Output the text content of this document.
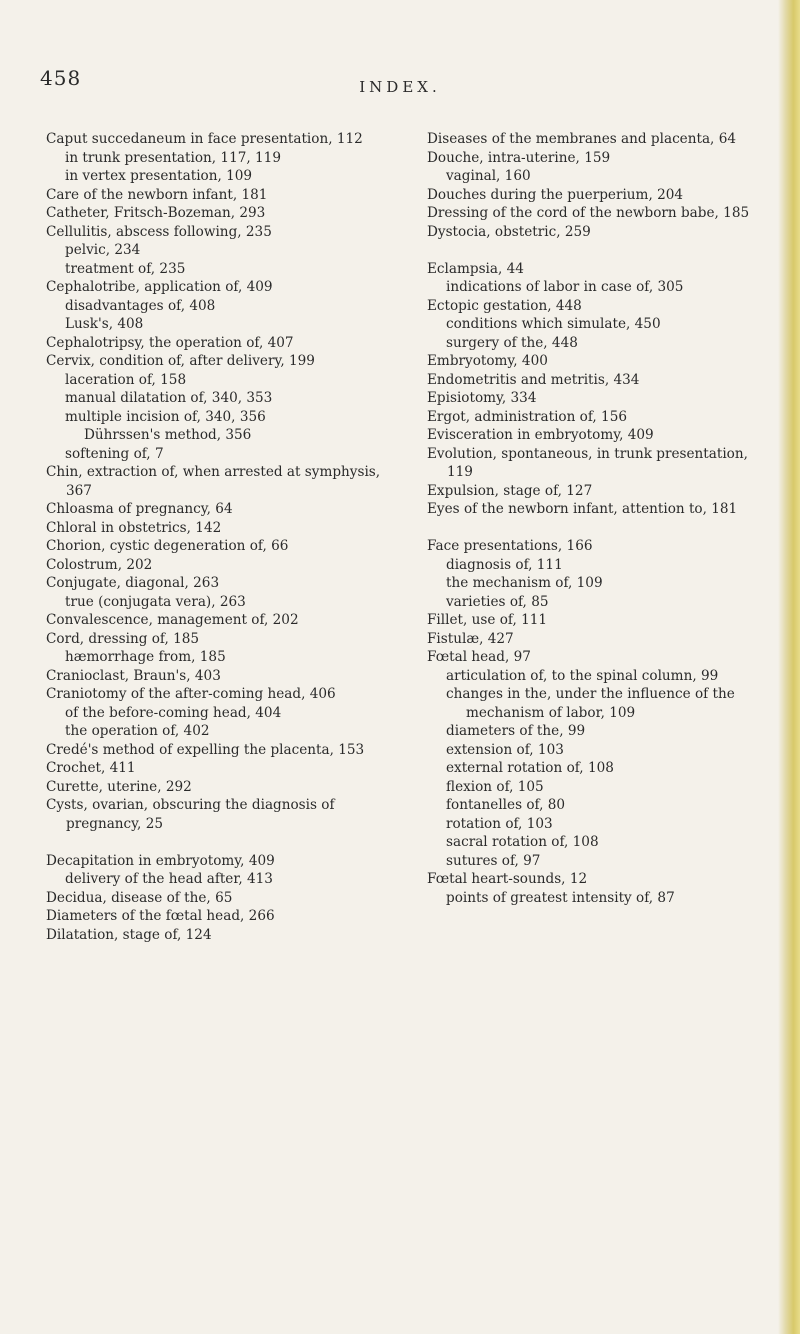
458	INDEX.
Caput succedaneum in face presentation, 112
in trunk presentation, 117, 119
in vertex presentation, 109
Care of the newborn infant, 181
Catheter, Fritsch-Bozeman, 293
Cellulitis, abscess following, 235
pelvic, 234
treatment of, 235
Cephalotribe, application of, 409
disadvantages of, 408
Lusk's, 408
Cephalotripsy, the operation of, 407
Cervix, condition of, after delivery, 199
laceration of, 158
manual dilatation of, 340, 353
multiple incision of, 340, 356
Dührssen's method, 356
softening of, 7
Chin, extraction of, when arrested at symphysis, 367
Chloasma of pregnancy, 64
Chloral in obstetrics, 142
Chorion, cystic degeneration of, 66
Colostrum, 202
Conjugate, diagonal, 263
true (conjugata vera), 263
Convalescence, management of, 202
Cord, dressing of, 185
hæmorrhage from, 185
Cranioclast, Braun's, 403
Craniotomy of the after-coming head, 406
of the before-coming head, 404
the operation of, 402
Credé's method of expelling the placenta, 153
Crochet, 411
Curette, uterine, 292
Cysts, ovarian, obscuring the diagnosis of pregnancy, 25
Decapitation in embryotomy, 409
delivery of the head after, 413
Decidua, disease of the, 65
Diameters of the fœtal head, 266
Dilatation, stage of, 124
Diseases of the membranes and placenta, 64
Douche, intra-uterine, 159
vaginal, 160
Douches during the puerperium, 204
Dressing of the cord of the newborn babe, 185
Dystocia, obstetric, 259
Eclampsia, 44
indications of labor in case of, 305
Ectopic gestation, 448
conditions which simulate, 450
surgery of the, 448
Embryotomy, 400
Endometritis and metritis, 434
Episiotomy, 334
Ergot, administration of, 156
Evisceration in embryotomy, 409
Evolution, spontaneous, in trunk presentation, 119
Expulsion, stage of, 127
Eyes of the newborn infant, attention to, 181
Face presentations, 166
diagnosis of, 111
the mechanism of, 109
varieties of, 85
Fillet, use of, 111
Fistulæ, 427
Fœtal head, 97
articulation of, to the spinal column, 99
changes in the, under the influence of the mechanism of labor, 109
diameters of the, 99
extension of, 103
external rotation of, 108
flexion of, 105
fontanelles of, 80
rotation of, 103
sacral rotation of, 108
sutures of, 97
Fœtal heart-sounds, 12
points of greatest intensity of, 87
